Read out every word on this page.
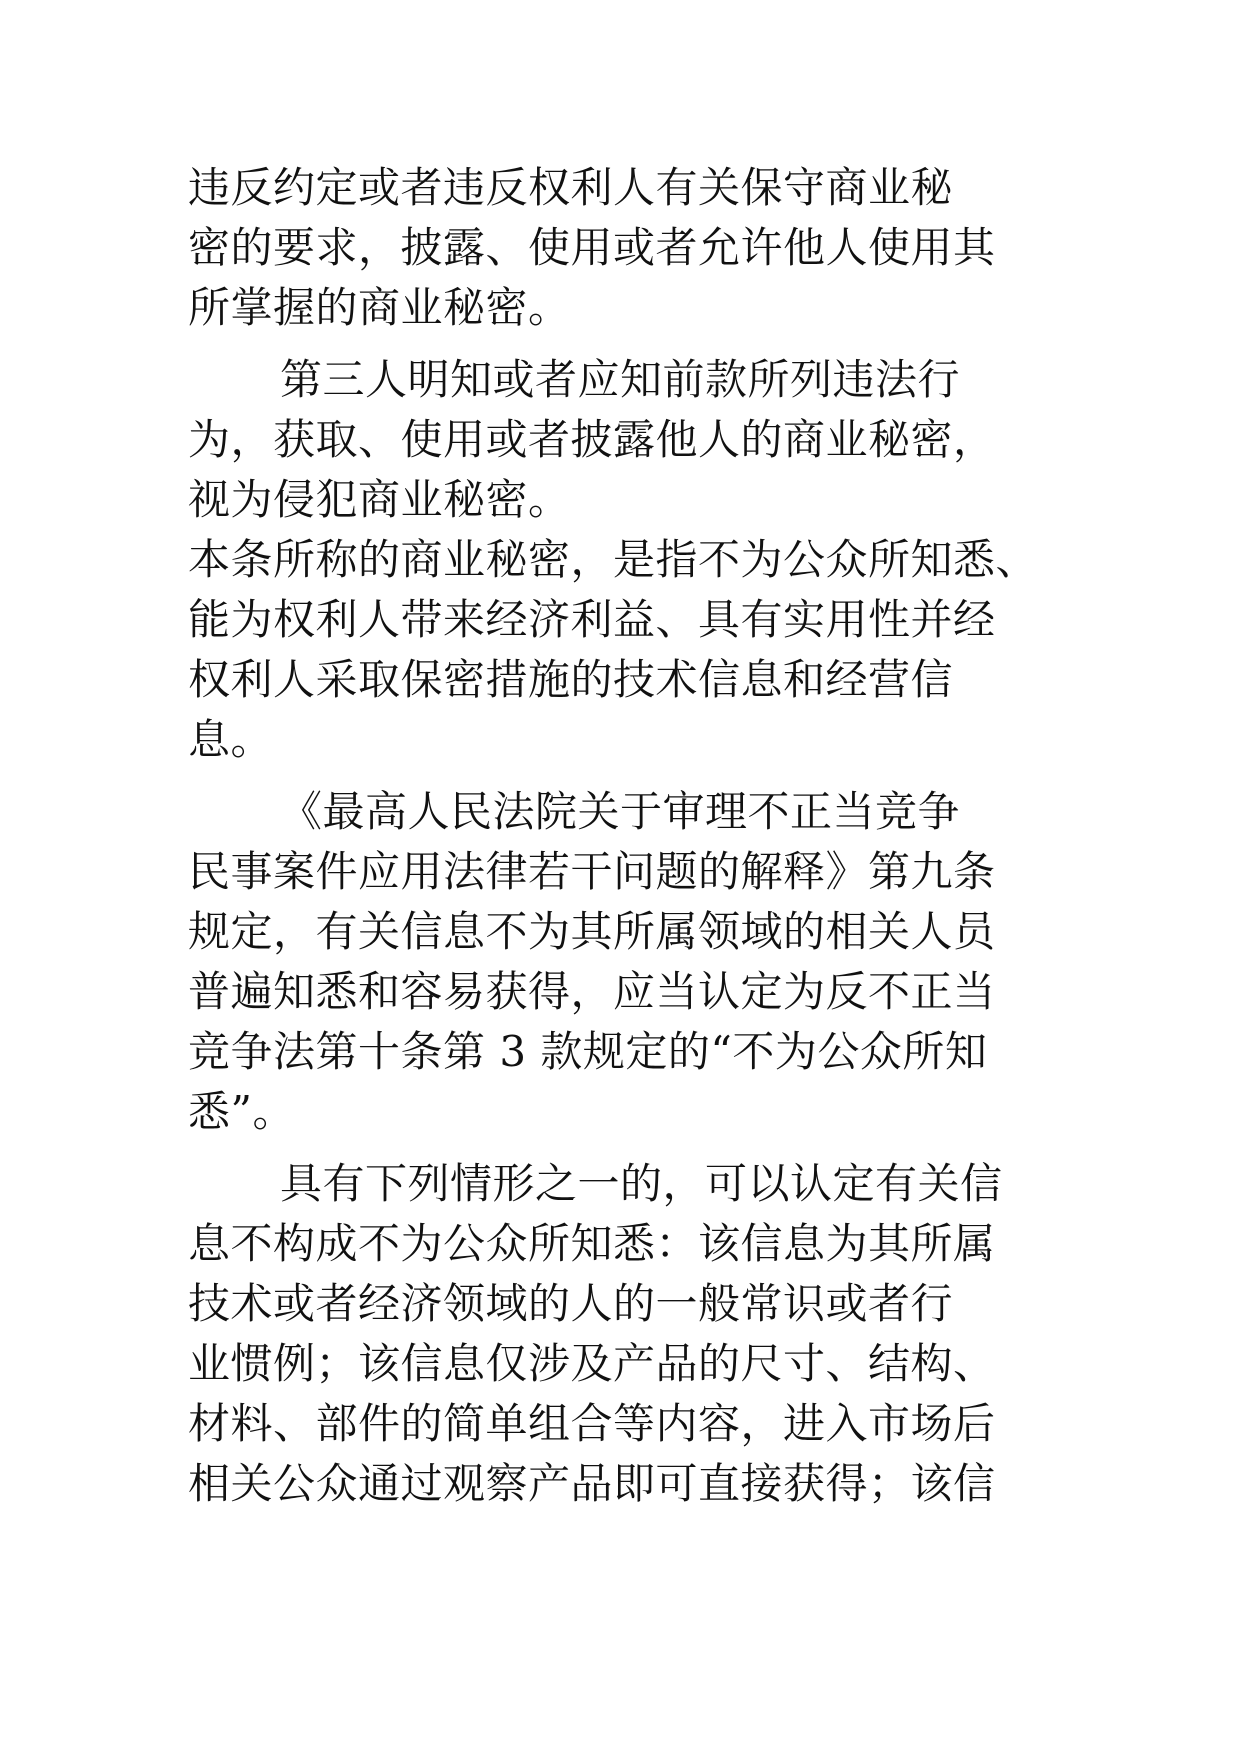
违反约定或者违反权利人有关保守商业秘
密的要求，披露、使用或者允许他人使用其
所掌握的商业秘密。
第三人明知或者应知前款所列违法行
为，获取、使用或者披露他人的商业秘密，
视为侵犯商业秘密。
本条所称的商业秘密，是指不为公众所知悉、
能为权利人带来经济利益、具有实用性并经
权利人采取保密措施的技术信息和经营信
息。
《最高人民法院关于审理不正当竞争
民事案件应用法律若干问题的解释》第九条
规定，有关信息不为其所属领域的相关人员
普遍知悉和容易获得，应当认定为反不正当
竞争法第十条第 3 款规定的“不为公众所知
悉”。
具有下列情形之一的，可以认定有关信
息不构成不为公众所知悉：该信息为其所属
技术或者经济领域的人的一般常识或者行
业惯例；该信息仅涉及产品的尺寸、结构、
材料、部件的简单组合等内容，进入市场后
相关公众通过观察产品即可直接获得；该信
